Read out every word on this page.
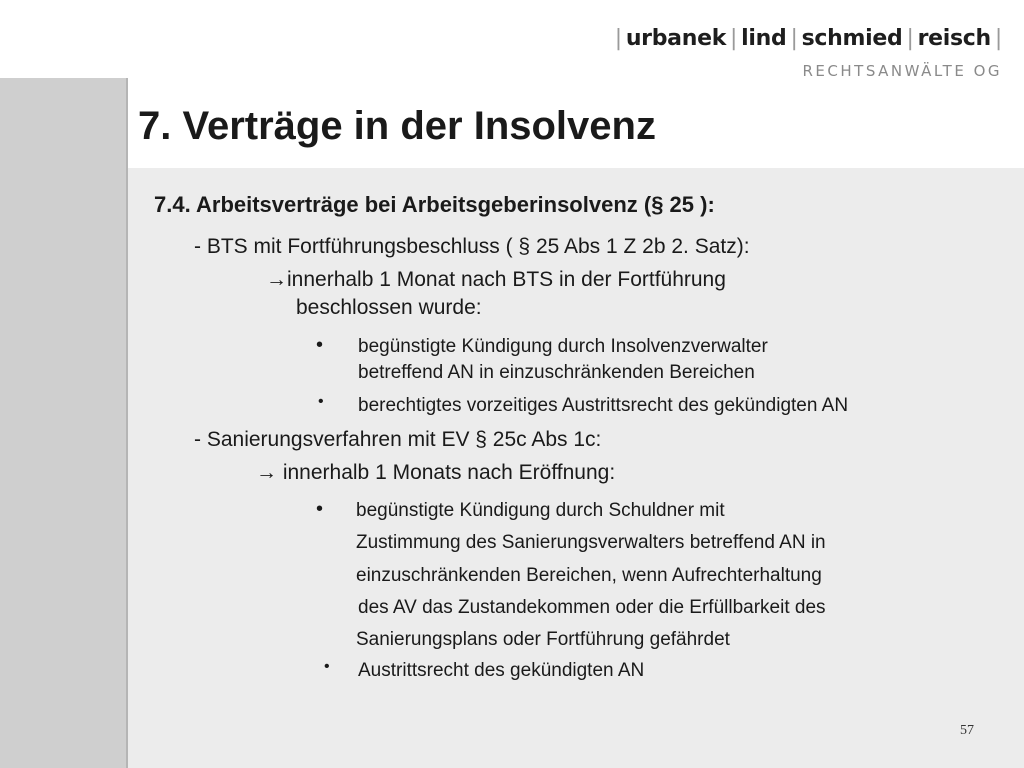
| urbanek | lind | schmied | reisch |
RECHTSANWÄLTE OG
7. Verträge in der Insolvenz
7.4. Arbeitsverträge bei Arbeitsgeberinsolvenz (§ 25 ):
- BTS mit Fortführungsbeschluss ( § 25 Abs 1 Z 2b 2. Satz):
→innerhalb 1 Monat nach BTS in der Fortführung
beschlossen wurde:
• begünstigte Kündigung durch Insolvenzverwalter
betreffend AN in einzuschränkenden Bereichen
• berechtigtes vorzeitiges Austrittsrecht des gekündigten AN
- Sanierungsverfahren mit EV § 25c Abs 1c:
→ innerhalb 1 Monats nach Eröffnung:
• begünstigte Kündigung durch Schuldner mit
Zustimmung des Sanierungsverwalters betreffend AN in
einzuschränkenden Bereichen, wenn Aufrechterhaltung
des AV das Zustandekommen oder die Erfüllbarkeit des
Sanierungsplans oder Fortführung gefährdet
• Austrittsrecht des gekündigten AN
57
